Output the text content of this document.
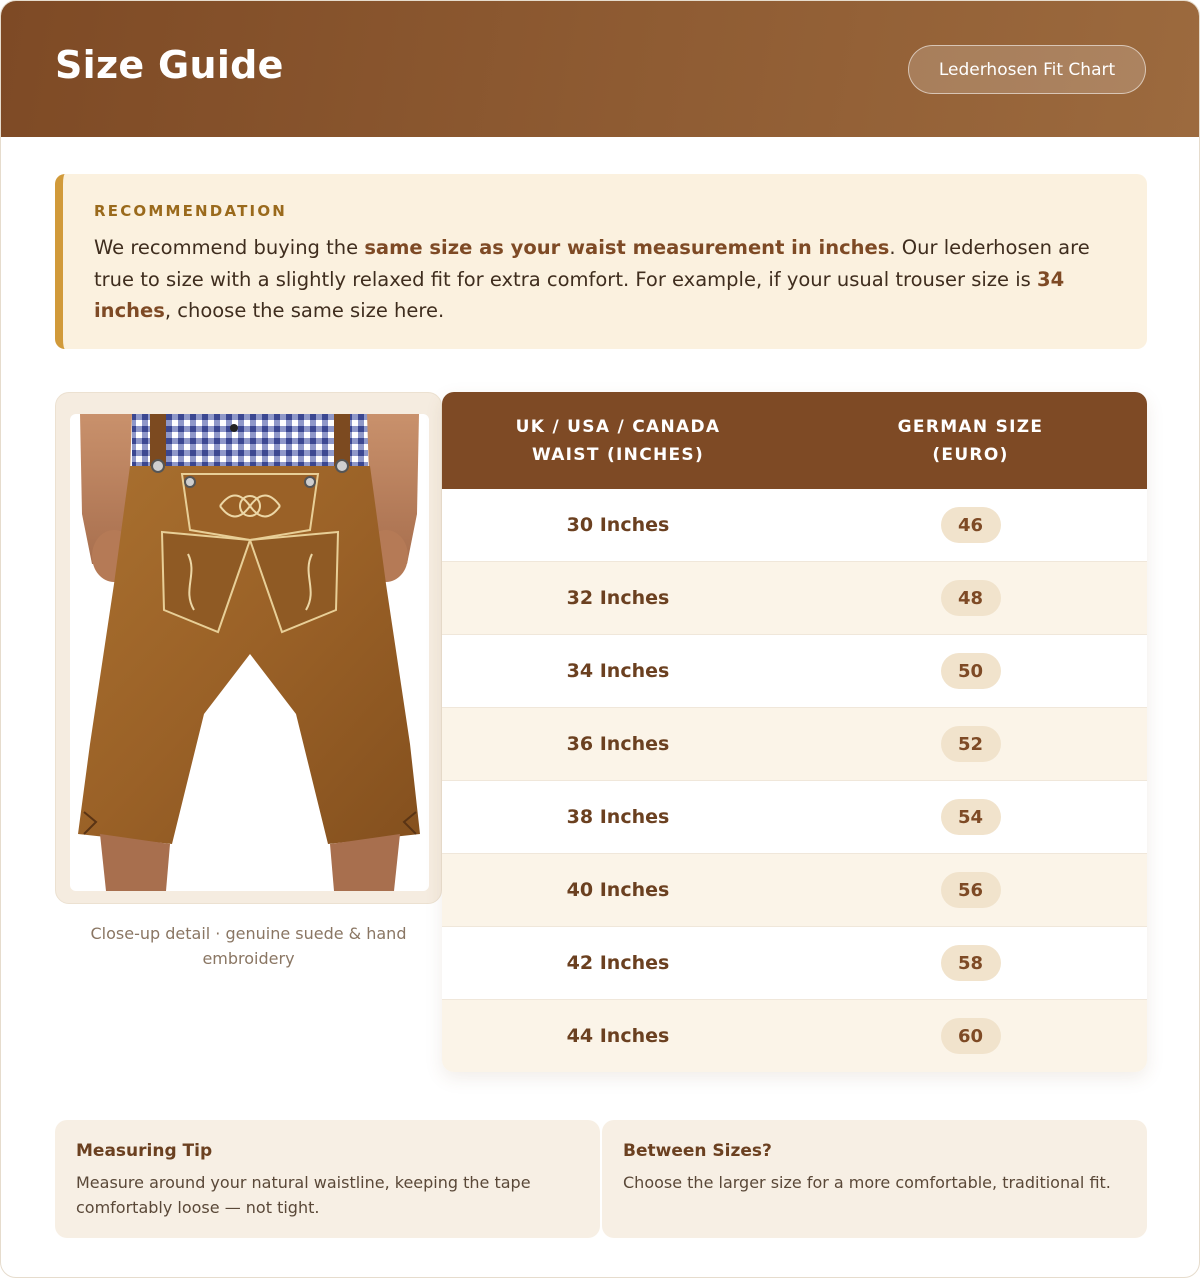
Size Guide	Lederhosen Fit Chart
RECOMMENDATION
We recommend buying the same size as your waist measurement in inches. Our lederhosen are true to size with a slightly relaxed fit for extra comfort. For example, if your usual trouser size is 34 inches, choose the same size here.
Close-up detail · genuine suede & hand embroidery
UK / USA / CANADA
WAIST (INCHES)
GERMAN SIZE
(EURO)
30 Inches	46
32 Inches	48
34 Inches	50
36 Inches	52
38 Inches	54
40 Inches	56
42 Inches	58
44 Inches	60
Measuring Tip

Measure around your natural waistline, keeping the tape comfortably loose — not tight.

Between Sizes?

Choose the larger size for a more comfortable, traditional fit.
